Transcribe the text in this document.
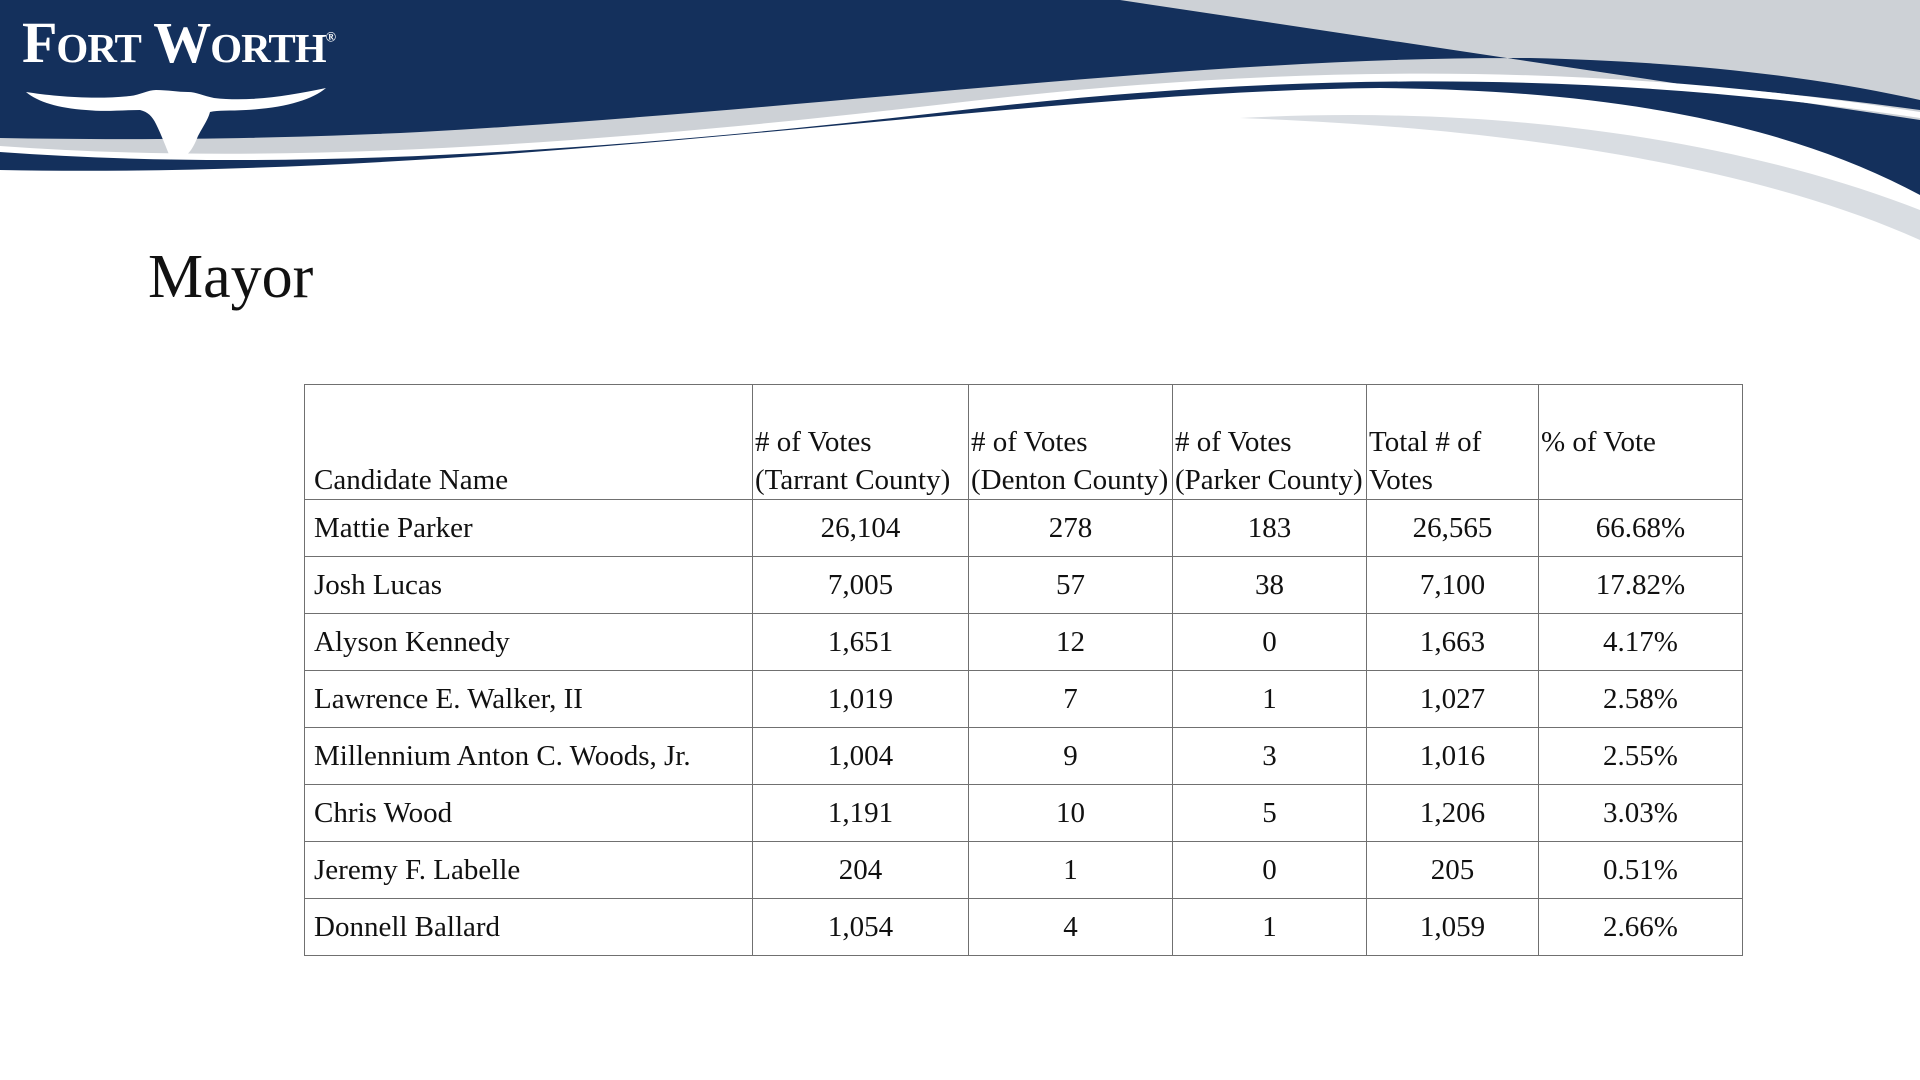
Fort Worth®
Mayor
Candidate Name	# of Votes (Tarrant County)	# of Votes (Denton County)	# of Votes (Parker County)	Total # of Votes	% of Vote
Mattie Parker	26,104	278	183	26,565	66.68%
Josh Lucas	7,005	57	38	7,100	17.82%
Alyson Kennedy	1,651	12	0	1,663	4.17%
Lawrence E. Walker, II	1,019	7	1	1,027	2.58%
Millennium Anton C. Woods, Jr.	1,004	9	3	1,016	2.55%
Chris Wood	1,191	10	5	1,206	3.03%
Jeremy F. Labelle	204	1	0	205	0.51%
Donnell Ballard	1,054	4	1	1,059	2.66%
